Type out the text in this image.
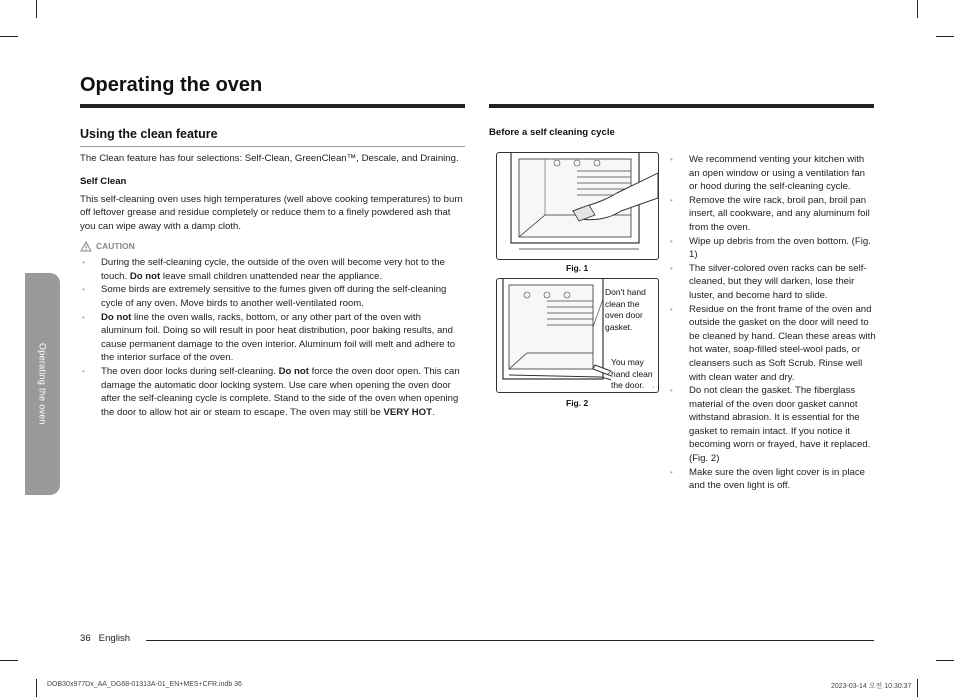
Operating the oven
Operating the oven
Using the clean feature

The Clean feature has four selections: Self-Clean, GreenClean™, Descale, and Draining.

Self Clean

This self-cleaning oven uses high temperatures (well above cooking temperatures) to burn off leftover grease and residue completely or reduce them to a finely powdered ash that you can wipe away with a damp cloth.

CAUTION
• During the self-cleaning cycle, the outside of the oven will become very hot to the touch. Do not leave small children unattended near the appliance.
• Some birds are extremely sensitive to the fumes given off during the self-cleaning cycle of any oven. Move birds to another well-ventilated room.
• Do not line the oven walls, racks, bottom, or any other part of the oven with aluminum foil. Doing so will result in poor heat distribution, poor baking results, and cause permanent damage to the oven interior. Aluminum foil will melt and adhere to the interior surface of the oven.
• The oven door locks during self-cleaning. Do not force the oven door open. This can damage the automatic door locking system. Use care when opening the oven door after the self-cleaning cycle is complete. Stand to the side of the oven when opening the door to allow hot air or steam to escape. The oven may still be VERY HOT.

Before a self cleaning cycle

Fig. 1
Don't hand
clean the
oven door
gasket.
You may
hand clean
the door.
Fig. 2
• We recommend venting your kitchen with an open window or using a ventilation fan or hood during the self-cleaning cycle.
• Remove the wire rack, broil pan, broil pan insert, all cookware, and any aluminum foil from the oven.
• Wipe up debris from the oven bottom. (Fig. 1)
• The silver-colored oven racks can be self-cleaned, but they will darken, lose their luster, and become hard to slide.
• Residue on the front frame of the oven and outside the gasket on the door will need to be cleaned by hand. Clean these areas with hot water, soap-filled steel-wool pads, or cleansers such as Soft Scrub. Rinse well with clean water and dry.
• Do not clean the gasket. The fiberglass material of the oven door gasket cannot withstand abrasion. It is essential for the gasket to remain intact. If you notice it becoming worn or frayed, have it replaced. (Fig. 2)
• Make sure the oven light cover is in place and the oven light is off.
36 English
DOB30x977Dx_AA_DG68-01313A-01_EN+MES+CFR.indb 36	2023-03-14 오전 10:30:37
